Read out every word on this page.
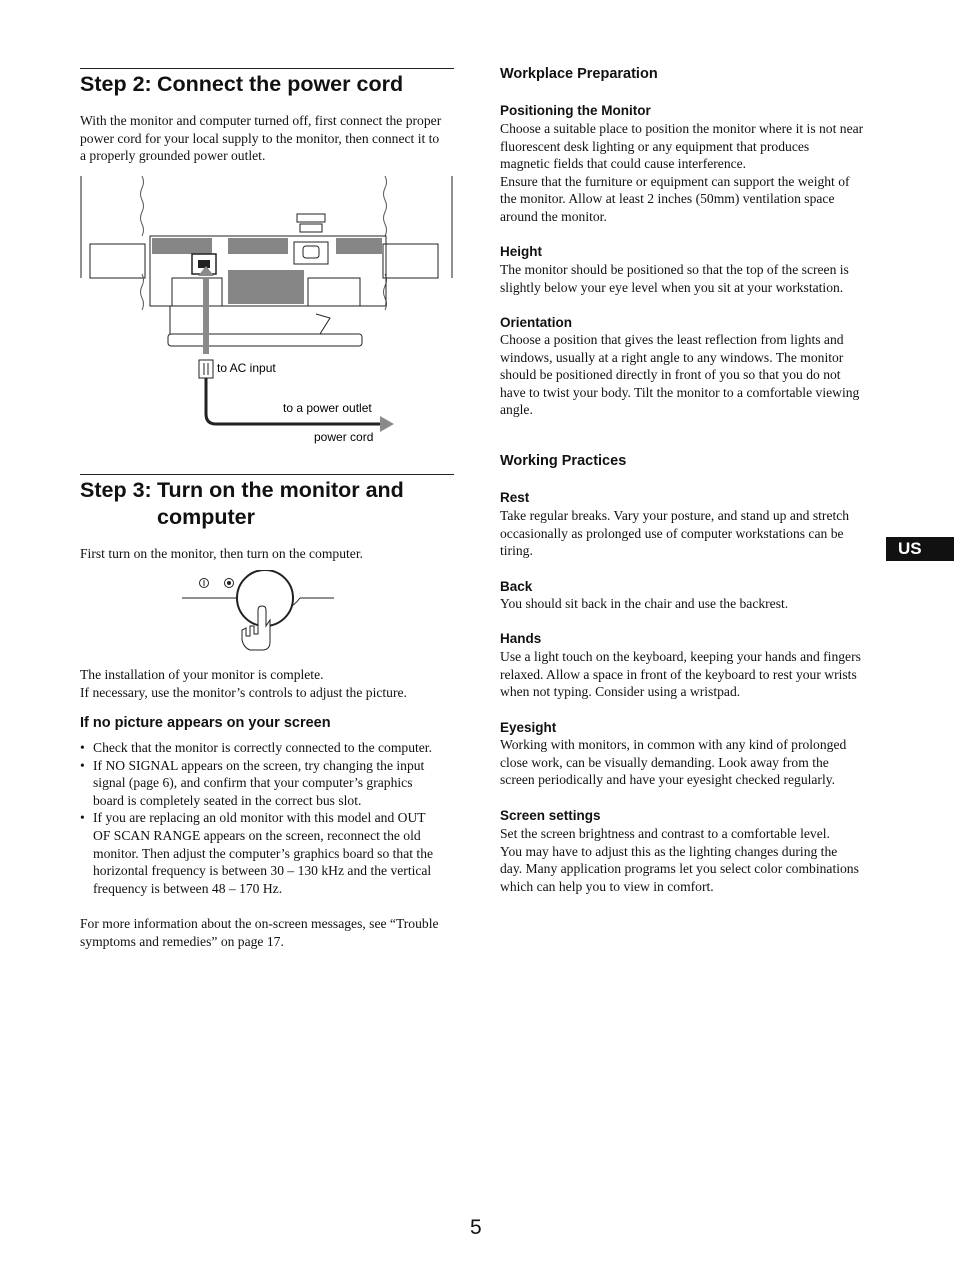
Step 2: Connect the power cord
With the monitor and computer turned off, first connect the proper
power cord for your local supply to the monitor, then connect it to
a properly grounded power outlet.
to AC input
to a power outlet
power cord
Step 3: Turn on the monitor and
computer
First turn on the monitor, then turn on the computer.
The installation of your monitor is complete.
If necessary, use the monitor’s controls to adjust the picture.
If no picture appears on your screen
• Check that the monitor is correctly connected to the computer.
• If NO SIGNAL appears on the screen, try changing the input
signal (page 6), and confirm that your computer’s graphics
board is completely seated in the correct bus slot.
• If you are replacing an old monitor with this model and OUT
OF SCAN RANGE appears on the screen, reconnect the old
monitor. Then adjust the computer’s graphics board so that the
horizontal frequency is between 30 – 130 kHz and the vertical
frequency is between 48 – 170 Hz.
For more information about the on-screen messages, see “Trouble
symptoms and remedies” on page 17.
Workplace Preparation
Positioning the Monitor
Choose a suitable place to position the monitor where it is not near
fluorescent desk lighting or any equipment that produces
magnetic fields that could cause interference.
Ensure that the furniture or equipment can support the weight of
the monitor. Allow at least 2 inches (50mm) ventilation space
around the monitor.
Height
The monitor should be positioned so that the top of the screen is
slightly below your eye level when you sit at your workstation.
Orientation
Choose a position that gives the least reflection from lights and
windows, usually at a right angle to any windows. The monitor
should be positioned directly in front of you so that you do not
have to twist your body. Tilt the monitor to a comfortable viewing
angle.
Working Practices
Rest
Take regular breaks. Vary your posture, and stand up and stretch
occasionally as prolonged use of computer workstations can be
tiring.
Back
You should sit back in the chair and use the backrest.
Hands
Use a light touch on the keyboard, keeping your hands and fingers
relaxed. Allow a space in front of the keyboard to rest your wrists
when not typing. Consider using a wristpad.
Eyesight
Working with monitors, in common with any kind of prolonged
close work, can be visually demanding. Look away from the
screen periodically and have your eyesight checked regularly.
Screen settings
Set the screen brightness and contrast to a comfortable level.
You may have to adjust this as the lighting changes during the
day. Many application programs let you select color combinations
which can help you to view in comfort.
US
5
